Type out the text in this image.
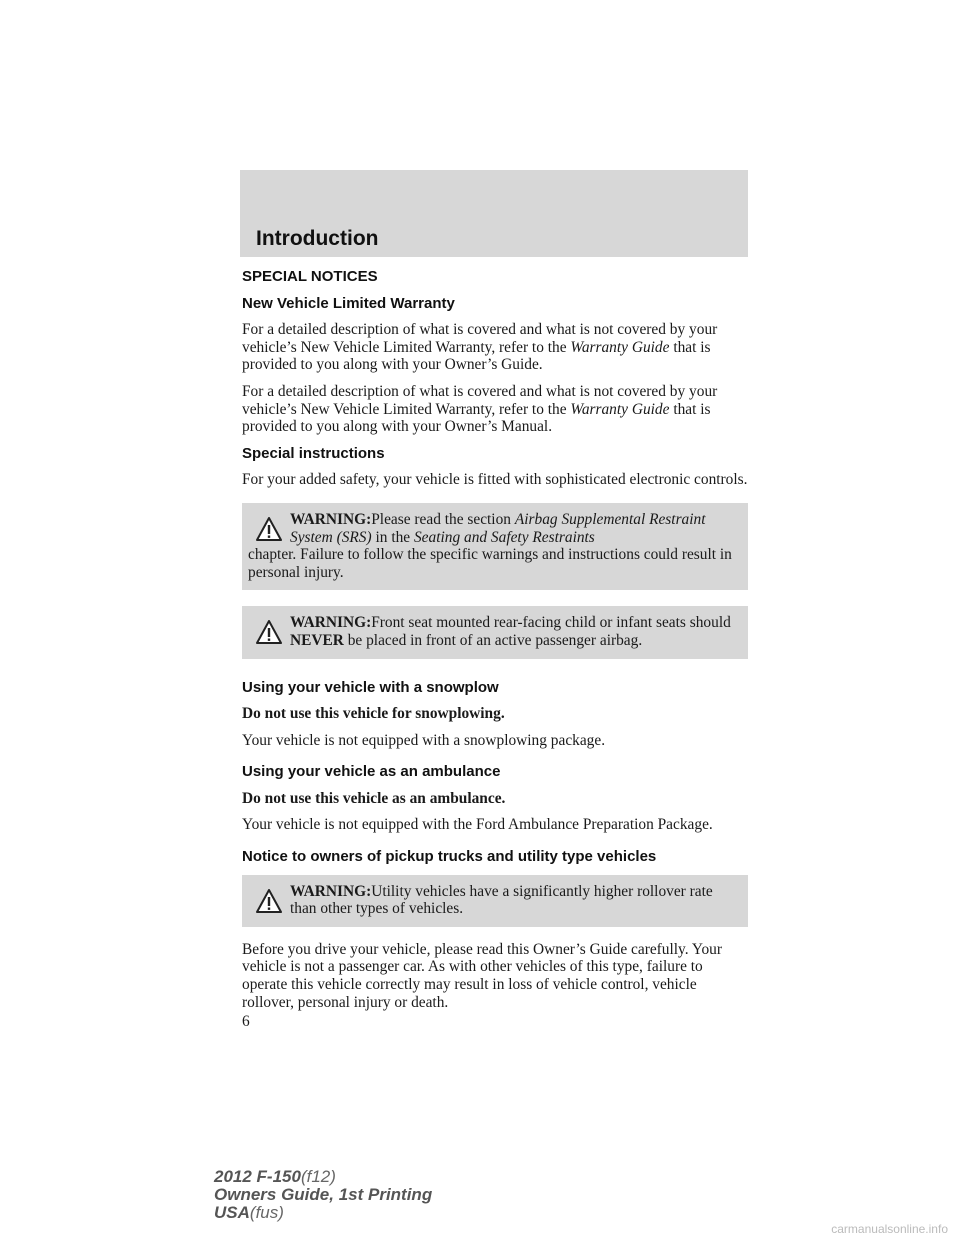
Introduction
SPECIAL NOTICES
New Vehicle Limited Warranty

For a detailed description of what is covered and what is not covered by your vehicle’s New Vehicle Limited Warranty, refer to the Warranty Guide that is provided to you along with your Owner’s Guide.

For a detailed description of what is covered and what is not covered by your vehicle’s New Vehicle Limited Warranty, refer to the Warranty Guide that is provided to you along with your Owner’s Manual.

Special instructions

For your added safety, your vehicle is fitted with sophisticated electronic controls.

WARNING:Please read the section Airbag Supplemental Restraint System (SRS) in the Seating and Safety Restraints
chapter. Failure to follow the specific warnings and instructions could result in personal injury.
WARNING:Front seat mounted rear-facing child or infant seats should NEVER be placed in front of an active passenger airbag.
Using your vehicle with a snowplow

Do not use this vehicle for snowplowing.

Your vehicle is not equipped with a snowplowing package.

Using your vehicle as an ambulance

Do not use this vehicle as an ambulance.

Your vehicle is not equipped with the Ford Ambulance Preparation Package.

Notice to owners of pickup trucks and utility type vehicles
WARNING:Utility vehicles have a significantly higher rollover rate than other types of vehicles.

Before you drive your vehicle, please read this Owner’s Guide carefully. Your vehicle is not a passenger car. As with other vehicles of this type, failure to operate this vehicle correctly may result in loss of vehicle control, vehicle rollover, personal injury or death.

6
2012 F-150(f12)
Owners Guide, 1st Printing
USA(fus)
carmanualsonline.info
